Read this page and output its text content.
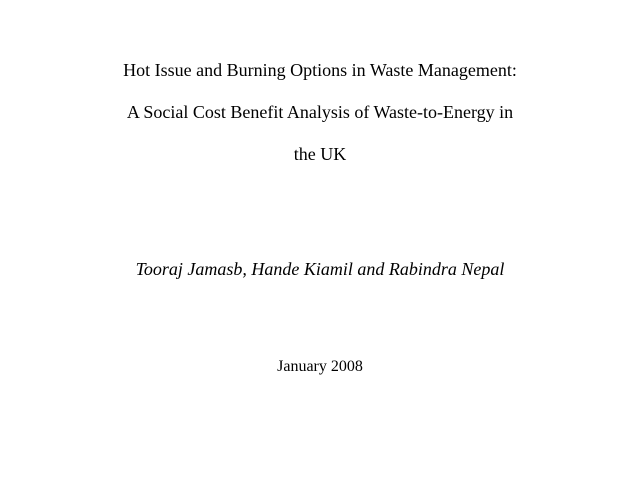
Hot Issue and Burning Options in Waste Management:
A Social Cost Benefit Analysis of Waste-to-Energy in
the UK
Tooraj Jamasb, Hande Kiamil and Rabindra Nepal
January 2008
